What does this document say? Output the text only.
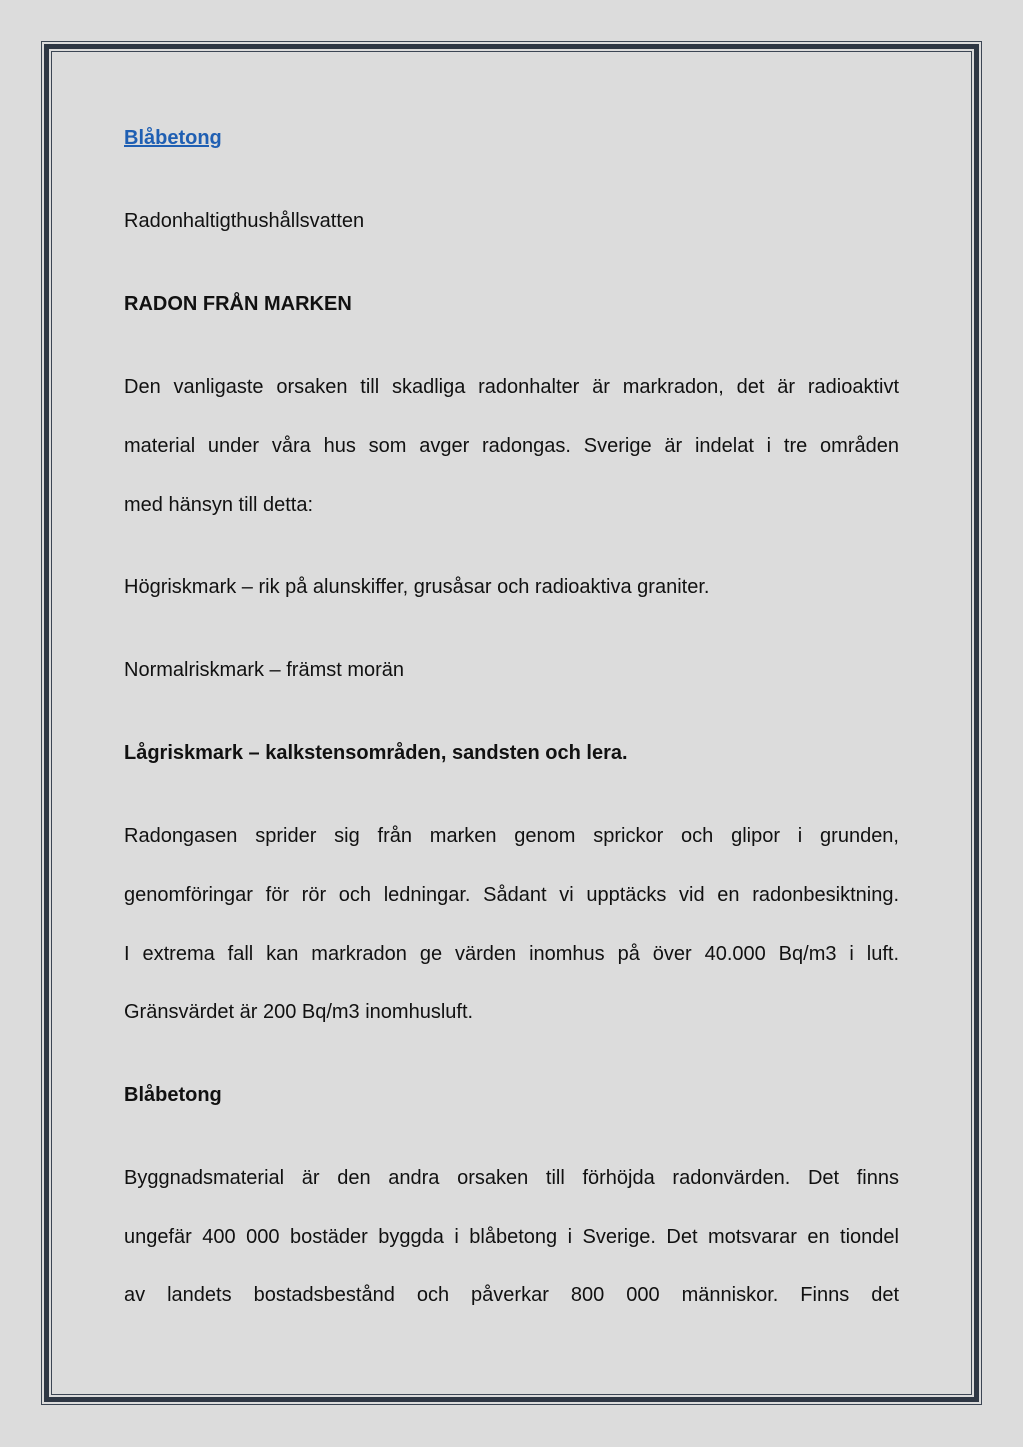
Blåbetong
Radonhaltigthushållsvatten
RADON FRÅN MARKEN
Den vanligaste orsaken till skadliga radonhalter är markradon, det är radioaktivt
material under våra hus som avger radongas. Sverige är indelat i tre områden
med hänsyn till detta:
Högriskmark – rik på alunskiffer, grusåsar och radioaktiva graniter.
Normalriskmark – främst morän
Lågriskmark – kalkstensområden, sandsten och lera.
Radongasen sprider sig från marken genom sprickor och glipor i grunden,
genomföringar för rör och ledningar. Sådant vi upptäcks vid en radonbesiktning.
I extrema fall kan markradon ge värden inomhus på över 40.000 Bq/m3 i luft.
Gränsvärdet är 200 Bq/m3 inomhusluft.
Blåbetong
Byggnadsmaterial är den andra orsaken till förhöjda radonvärden. Det finns
ungefär 400 000 bostäder byggda i blåbetong i Sverige. Det motsvarar en tiondel
av landets bostadsbestånd och påverkar 800 000 människor. Finns det
